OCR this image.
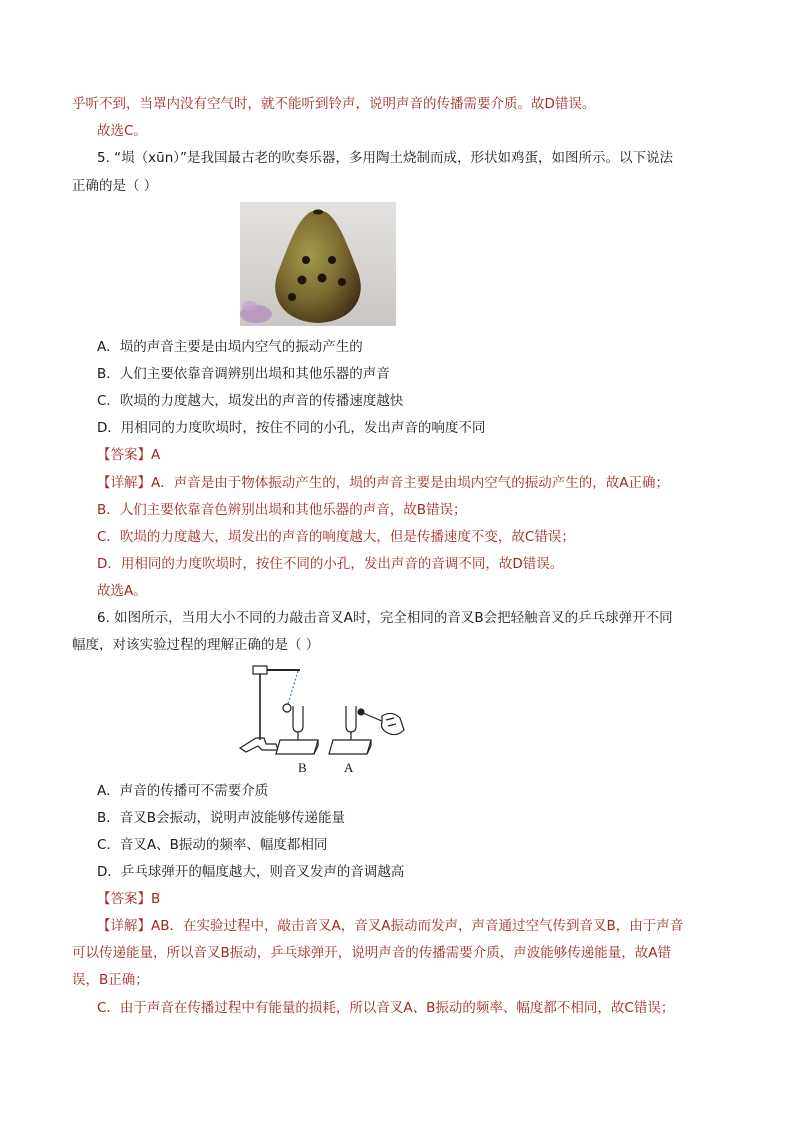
乎听不到，当罩内没有空气时，就不能听到铃声，说明声音的传播需要介质。故D错误。
故选C。
5. “埙（xūn）”是我国最古老的吹奏乐器，多用陶土烧制而成，形状如鸡蛋，如图所示。以下说法
正确的是（ ）
A．埙的声音主要是由埙内空气的振动产生的
B．人们主要依靠音调辨别出埙和其他乐器的声音
C．吹埙的力度越大，埙发出的声音的传播速度越快
D．用相同的力度吹埙时，按住不同的小孔，发出声音的响度不同
【答案】A
【详解】A．声音是由于物体振动产生的，埙的声音主要是由埙内空气的振动产生的，故A正确；
B．人们主要依靠音色辨别出埙和其他乐器的声音，故B错误；
C．吹埙的力度越大，埙发出的声音的响度越大，但是传播速度不变，故C错误；
D．用相同的力度吹埙时，按住不同的小孔，发出声音的音调不同，故D错误。
故选A。
6. 如图所示，当用大小不同的力敲击音叉A时，完全相同的音叉B会把轻触音叉的乒乓球弹开不同
幅度，对该实验过程的理解正确的是（ ）
B	A
A．声音的传播可不需要介质
B．音叉B会振动，说明声波能够传递能量
C．音叉A、B振动的频率、幅度都相同
D．乒乓球弹开的幅度越大，则音叉发声的音调越高
【答案】B
【详解】AB．在实验过程中，敲击音叉A，音叉A振动而发声，声音通过空气传到音叉B，由于声音
可以传递能量，所以音叉B振动，乒乓球弹开，说明声音的传播需要介质，声波能够传递能量，故A错
误，B正确；
C．由于声音在传播过程中有能量的损耗，所以音叉A、B振动的频率、幅度都不相同，故C错误；
